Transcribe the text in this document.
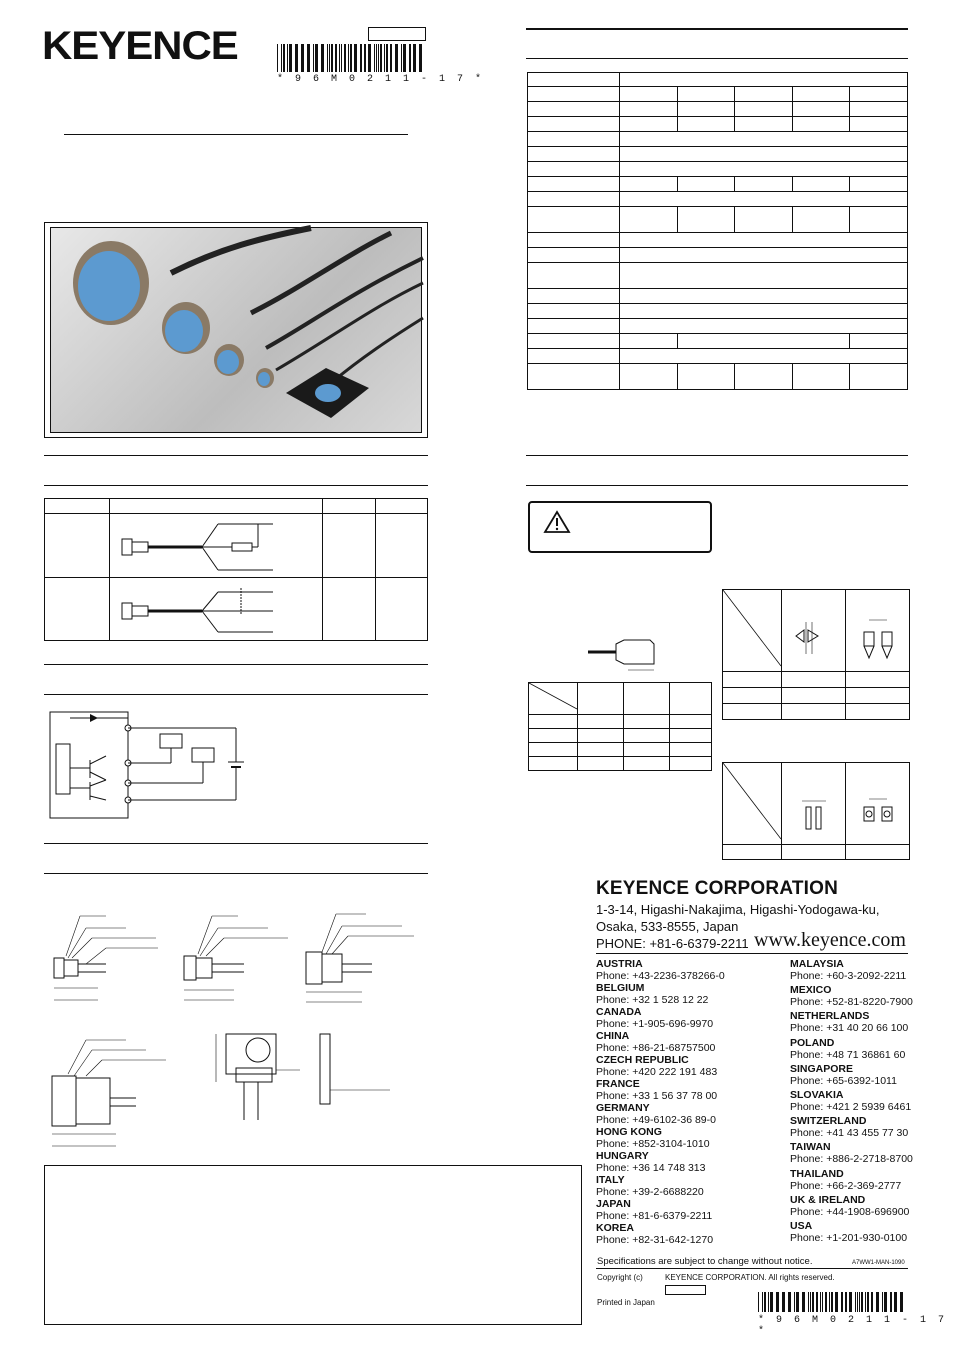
KEYENCE
* 9 6 M 0 2 1 1 - 1 7 *

KEYENCE CORPORATION
1-3-14, Higashi-Nakajima, Higashi-Yodogawa-ku,
Osaka, 533-8555, Japan
PHONE: +81-6-6379-2211 www.keyence.com
AUSTRIA
Phone: +43-2236-378266-0
BELGIUM
Phone: +32 1 528 12 22
CANADA
Phone: +1-905-696-9970
CHINA
Phone: +86-21-68757500
CZECH REPUBLIC
Phone: +420 222 191 483
FRANCE
Phone: +33 1 56 37 78 00
GERMANY
Phone: +49-6102-36 89-0
HONG KONG
Phone: +852-3104-1010
HUNGARY
Phone: +36 14 748 313
ITALY
Phone: +39-2-6688220
JAPAN
Phone: +81-6-6379-2211
KOREA
Phone: +82-31-642-1270
MALAYSIA
Phone: +60-3-2092-2211
MEXICO
Phone: +52-81-8220-7900
NETHERLANDS
Phone: +31 40 20 66 100
POLAND
Phone: +48 71 36861 60
SINGAPORE
Phone: +65-6392-1011
SLOVAKIA
Phone: +421 2 5939 6461
SWITZERLAND
Phone: +41 43 455 77 30
TAIWAN
Phone: +886-2-2718-8700
THAILAND
Phone: +66-2-369-2777
UK & IRELAND
Phone: +44-1908-696900
USA
Phone: +1-201-930-0100
Specifications are subject to change without notice.	A7WW1-MAN-1090
Copyright (c)	KEYENCE CORPORATION. All rights reserved.
Printed in Japan
* 9 6 M 0 2 1 1 - 1 7 *
